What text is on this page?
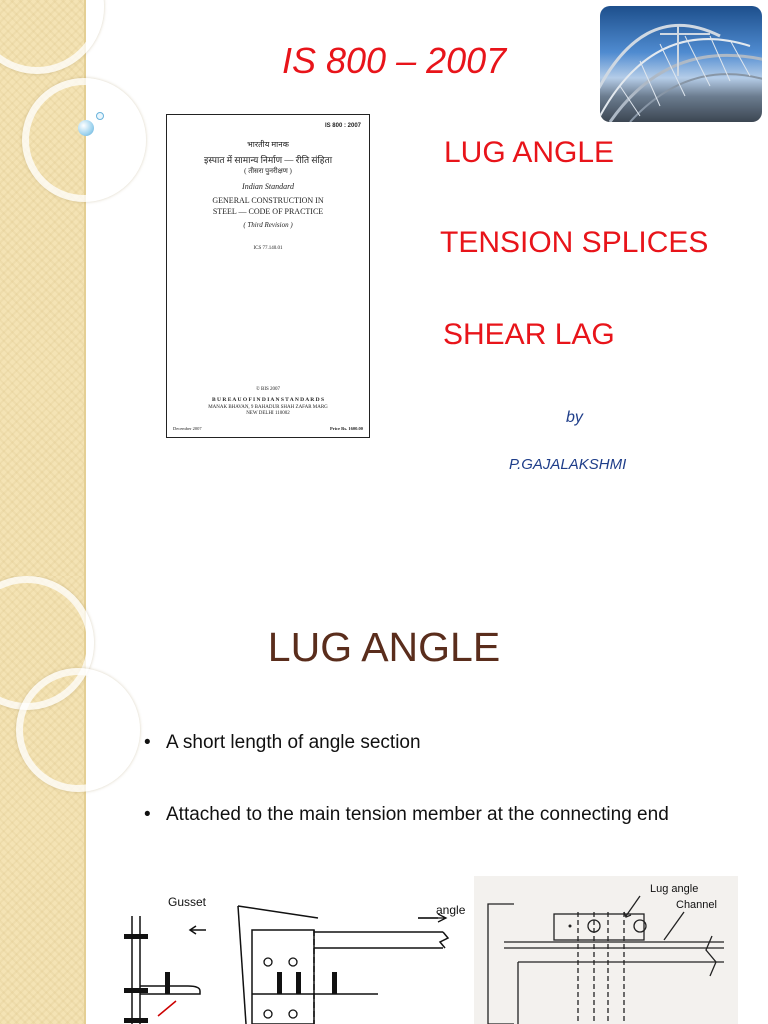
IS 800 – 2007
IS 800 : 2007
भारतीय मानक
इस्पात में सामान्य निर्माण — रीति संहिता
( तीसरा पुनरीक्षण )
Indian Standard
GENERAL CONSTRUCTION IN
STEEL — CODE OF PRACTICE
( Third Revision )
ICS 77.140.01
© BIS 2007
B U R E A U O F I N D I A N S T A N D A R D S
MANAK BHAVAN, 9 BAHADUR SHAH ZAFAR MARG
NEW DELHI 110002
December 2007	Price Rs. 1600.00
LUG ANGLE
TENSION SPLICES
SHEAR LAG

by

P.GAJALAKSHMI

LUG ANGLE
• A short length of angle section
• Attached to the main tension member at the connecting end
Gusset
angle
Lug angle
Channel
